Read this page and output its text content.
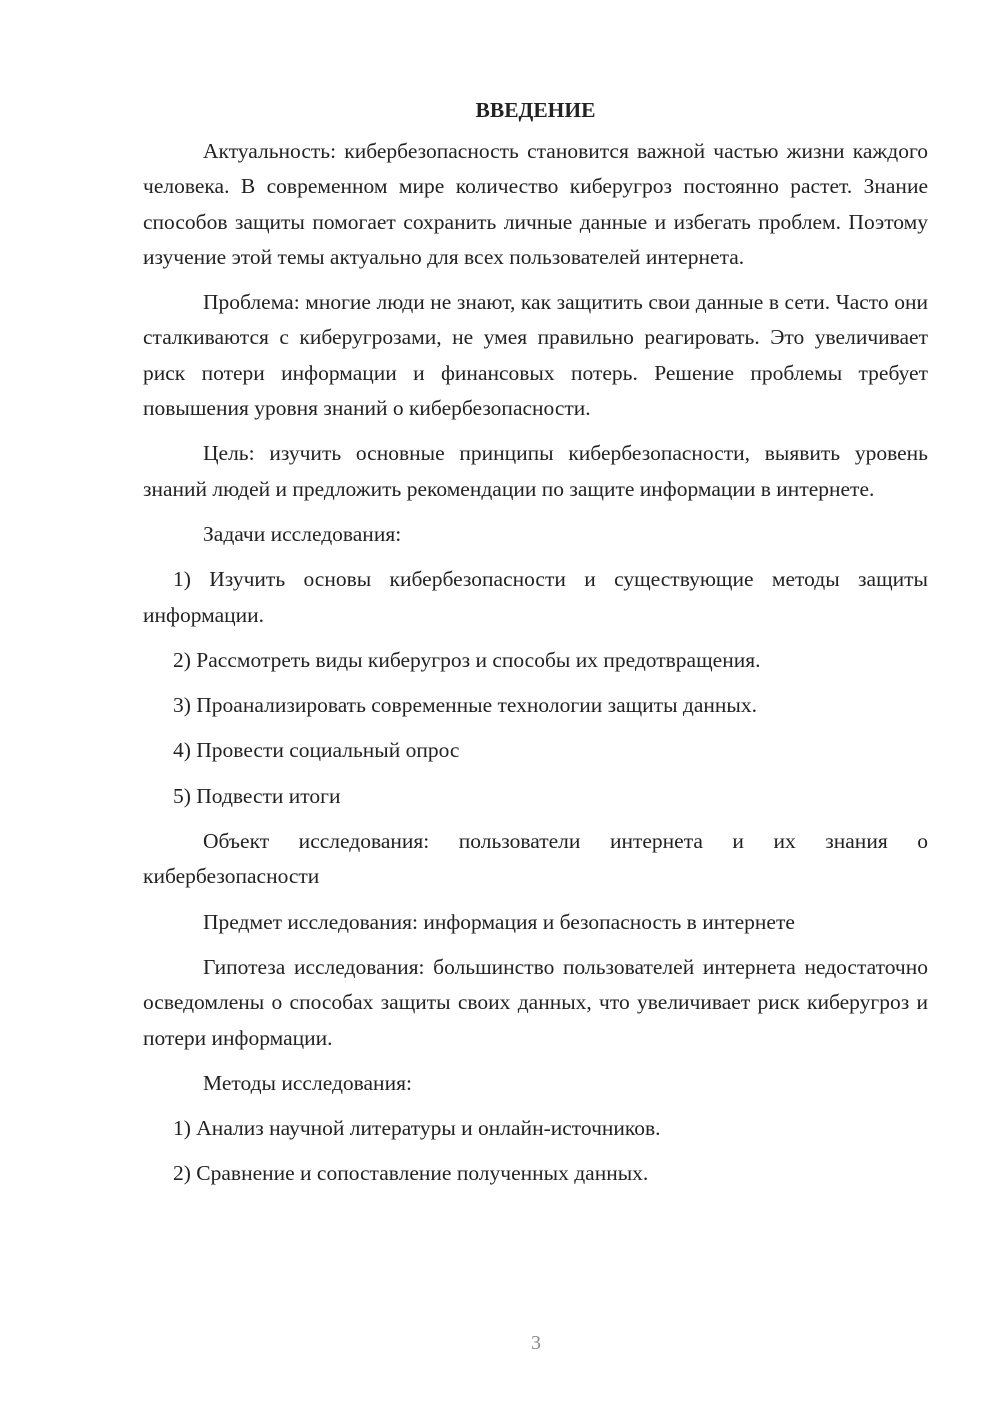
ВВЕДЕНИЕ

Актуальность: кибербезопасность становится важной частью жизни каждого человека. В современном мире количество киберугроз постоянно растет. Знание способов защиты помогает сохранить личные данные и избегать проблем. Поэтому изучение этой темы актуально для всех пользователей интернета.

Проблема: многие люди не знают, как защитить свои данные в сети. Часто они сталкиваются с киберугрозами, не умея правильно реагировать. Это увеличивает риск потери информации и финансовых потерь. Решение проблемы требует повышения уровня знаний о кибербезопасности.

Цель: изучить основные принципы кибербезопасности, выявить уровень знаний людей и предложить рекомендации по защите информации в интернете.

Задачи исследования:

1) Изучить основы кибербезопасности и существующие методы защиты информации.

2) Рассмотреть виды киберугроз и способы их предотвращения.

3) Проанализировать современные технологии защиты данных.

4) Провести социальный опрос

5) Подвести итоги

Объект исследования: пользователи интернета и их знания о кибербезопасности

Предмет исследования: информация и безопасность в интернете

Гипотеза исследования: большинство пользователей интернета недостаточно осведомлены о способах защиты своих данных, что увеличивает риск киберугроз и потери информации.

Методы исследования:

1) Анализ научной литературы и онлайн-источников.

2) Сравнение и сопоставление полученных данных.

3
